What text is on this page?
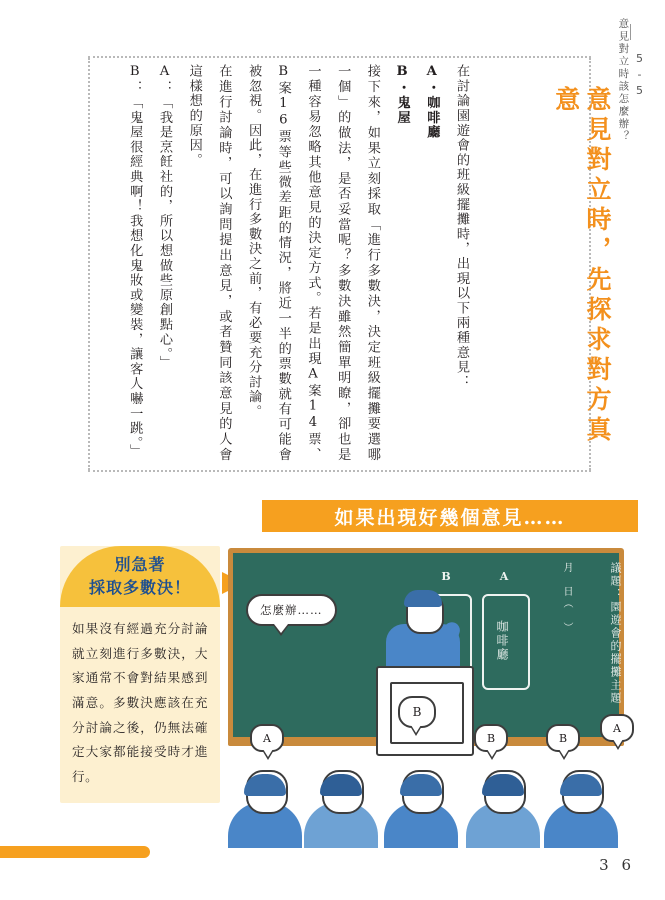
5-5
意見對立時該怎麼辦？
意見對立時，先探求對方真意

在討論園遊會的班級擺攤時，出現以下兩種意見：

A・咖啡廳

B・鬼屋

接下來，如果立刻採取「進行多數決，決定班級擺攤要選哪一個」的做法，是否妥當呢？多數決雖然簡單明瞭，卻也是一種容易忽略其他意見的決定方式。若是出現A案14票、B案16票等些微差距的情況，將近一半的票數就有可能會被忽視。因此，在進行多數決之前，有必要充分討論。

在進行討論時，可以詢問提出意見，或者贊同該意見的人會這樣想的原因。

A：「我是烹飪社的，所以想做些原創點心。」

B：「鬼屋很經典啊！我想化鬼妝或變裝，讓客人嚇一跳。」

如果出現好幾個意見……
別急著
採取多數決！
如果沒有經過充分討論就立刻進行多數決，大家通常不會對結果感到滿意。多數決應該在充分討論之後，仍無法確定大家都能接受時才進行。
議題：園遊會的擺攤主題
月　日（　）
B	A
咖啡廳
怎麼辦……
B
A	B	B
A
3 6
